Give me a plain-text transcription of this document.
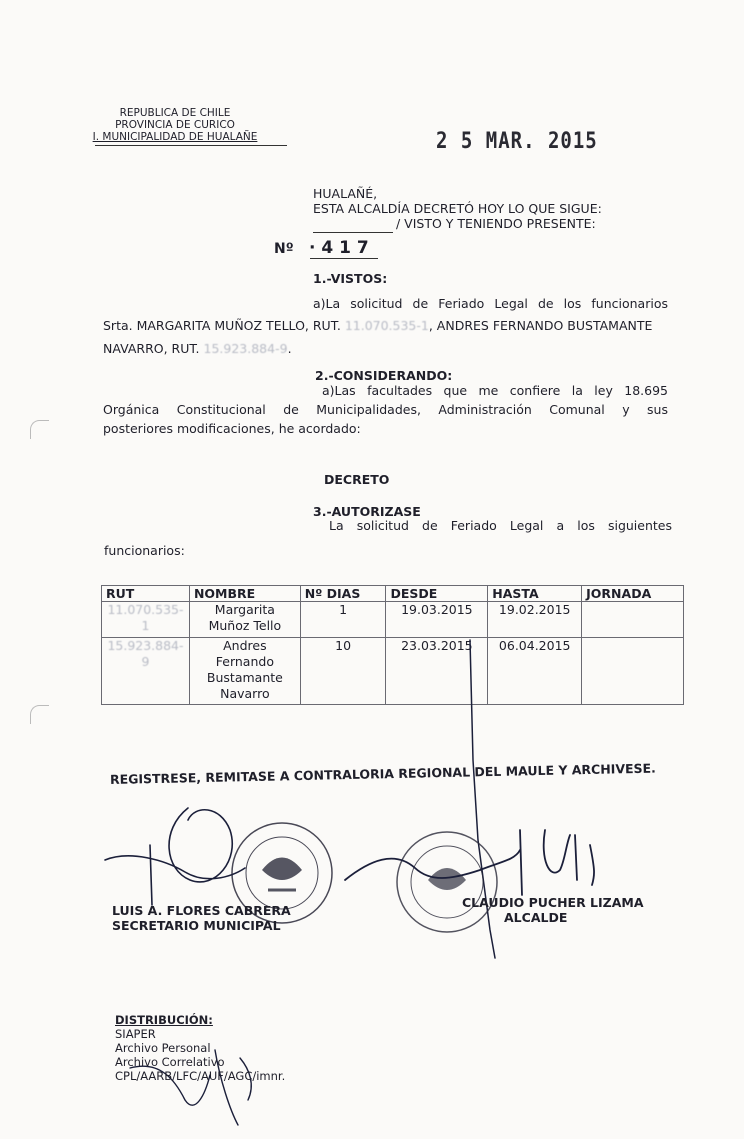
REPUBLICA DE CHILE
PROVINCIA DE CURICO
I. MUNICIPALIDAD DE HUALAÑE	2 5 MAR. 2015
HUALAÑÉ,
ESTA ALCALDÍA DECRETÓ HOY LO QUE SIGUE:
/ VISTO Y TENIENDO PRESENTE:
Nº · 4 1 7
1.-VISTOS:
a)La solicitud de Feriado Legal de los funcionarios
Srta. MARGARITA MUÑOZ TELLO, RUT. 11.070.535-1, ANDRES FERNANDO BUSTAMANTE
NAVARRO, RUT. 15.923.884-9.
2.-CONSIDERANDO:
a)Las facultades que me confiere la ley 18.695
Orgánica Constitucional de Municipalidades, Administración Comunal y sus
posteriores modificaciones, he acordado:
DECRETO
3.-AUTORIZASE
La solicitud de Feriado Legal a los siguientes
funcionarios:
RUT	NOMBRE	Nº DIAS	DESDE	HASTA	JORNADA
11.070.535-1	Margarita Muñoz Tello	1	19.03.2015	19.02.2015	
15.923.884-9	Andres Fernando Bustamante Navarro	10	23.03.2015	06.04.2015	
REGISTRESE, REMITASE A CONTRALORIA REGIONAL DEL MAULE Y ARCHIVESE.
LUIS A. FLORES CABRERA
SECRETARIO MUNICIPAL
CLAUDIO PUCHER LIZAMA
ALCALDE
DISTRIBUCIÓN:
SIAPER
Archivo Personal
Archivo Correlativo
CPL/AARB/LFC/AUF/AGC/imnr.
